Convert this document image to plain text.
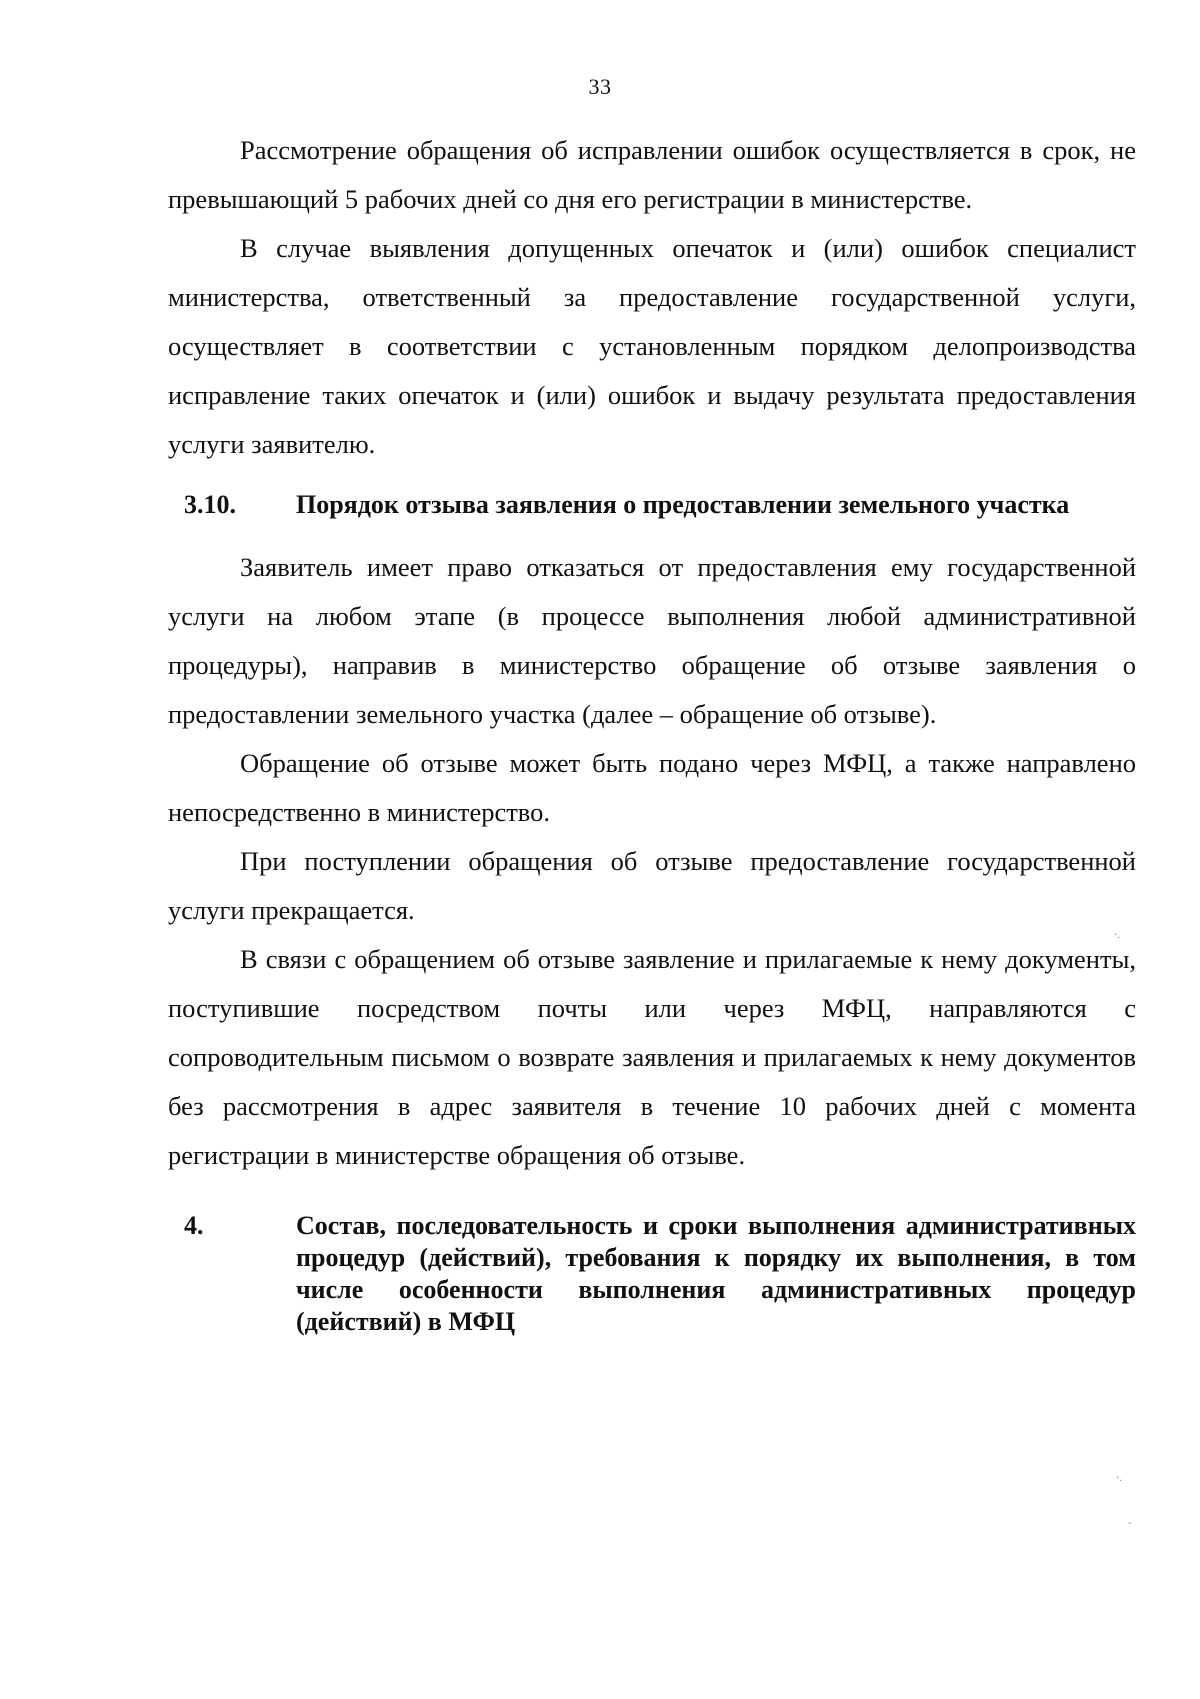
33

Рассмотрение обращения об исправлении ошибок осуществляется в срок, не превышающий 5 рабочих дней со дня его регистрации в министерстве.

В случае выявления допущенных опечаток и (или) ошибок специалист министерства, ответственный за предоставление государственной услуги, осуществляет в соответствии с установленным порядком делопроизводства исправление таких опечаток и (или) ошибок и выдачу результата предоставления услуги заявителю.

3.10. Порядок отзыва заявления о предоставлении земельного участка

Заявитель имеет право отказаться от предоставления ему государственной услуги на любом этапе (в процессе выполнения любой административной процедуры), направив в министерство обращение об отзыве заявления о предоставлении земельного участка (далее – обращение об отзыве).

Обращение об отзыве может быть подано через МФЦ, а также направлено непосредственно в министерство.

При поступлении обращения об отзыве предоставление государственной услуги прекращается.

В связи с обращением об отзыве заявление и прилагаемые к нему документы, поступившие посредством почты или через МФЦ, направляются с сопроводительным письмом о возврате заявления и прилагаемых к нему документов без рассмотрения в адрес заявителя в течение 10 рабочих дней с момента регистрации в министерстве обращения об отзыве.

4.	Состав, последовательность и сроки выполнения административных процедур (действий), требования к порядку их выполнения, в том числе особенности выполнения административных процедур (действий) в МФЦ
·.
·.
-
